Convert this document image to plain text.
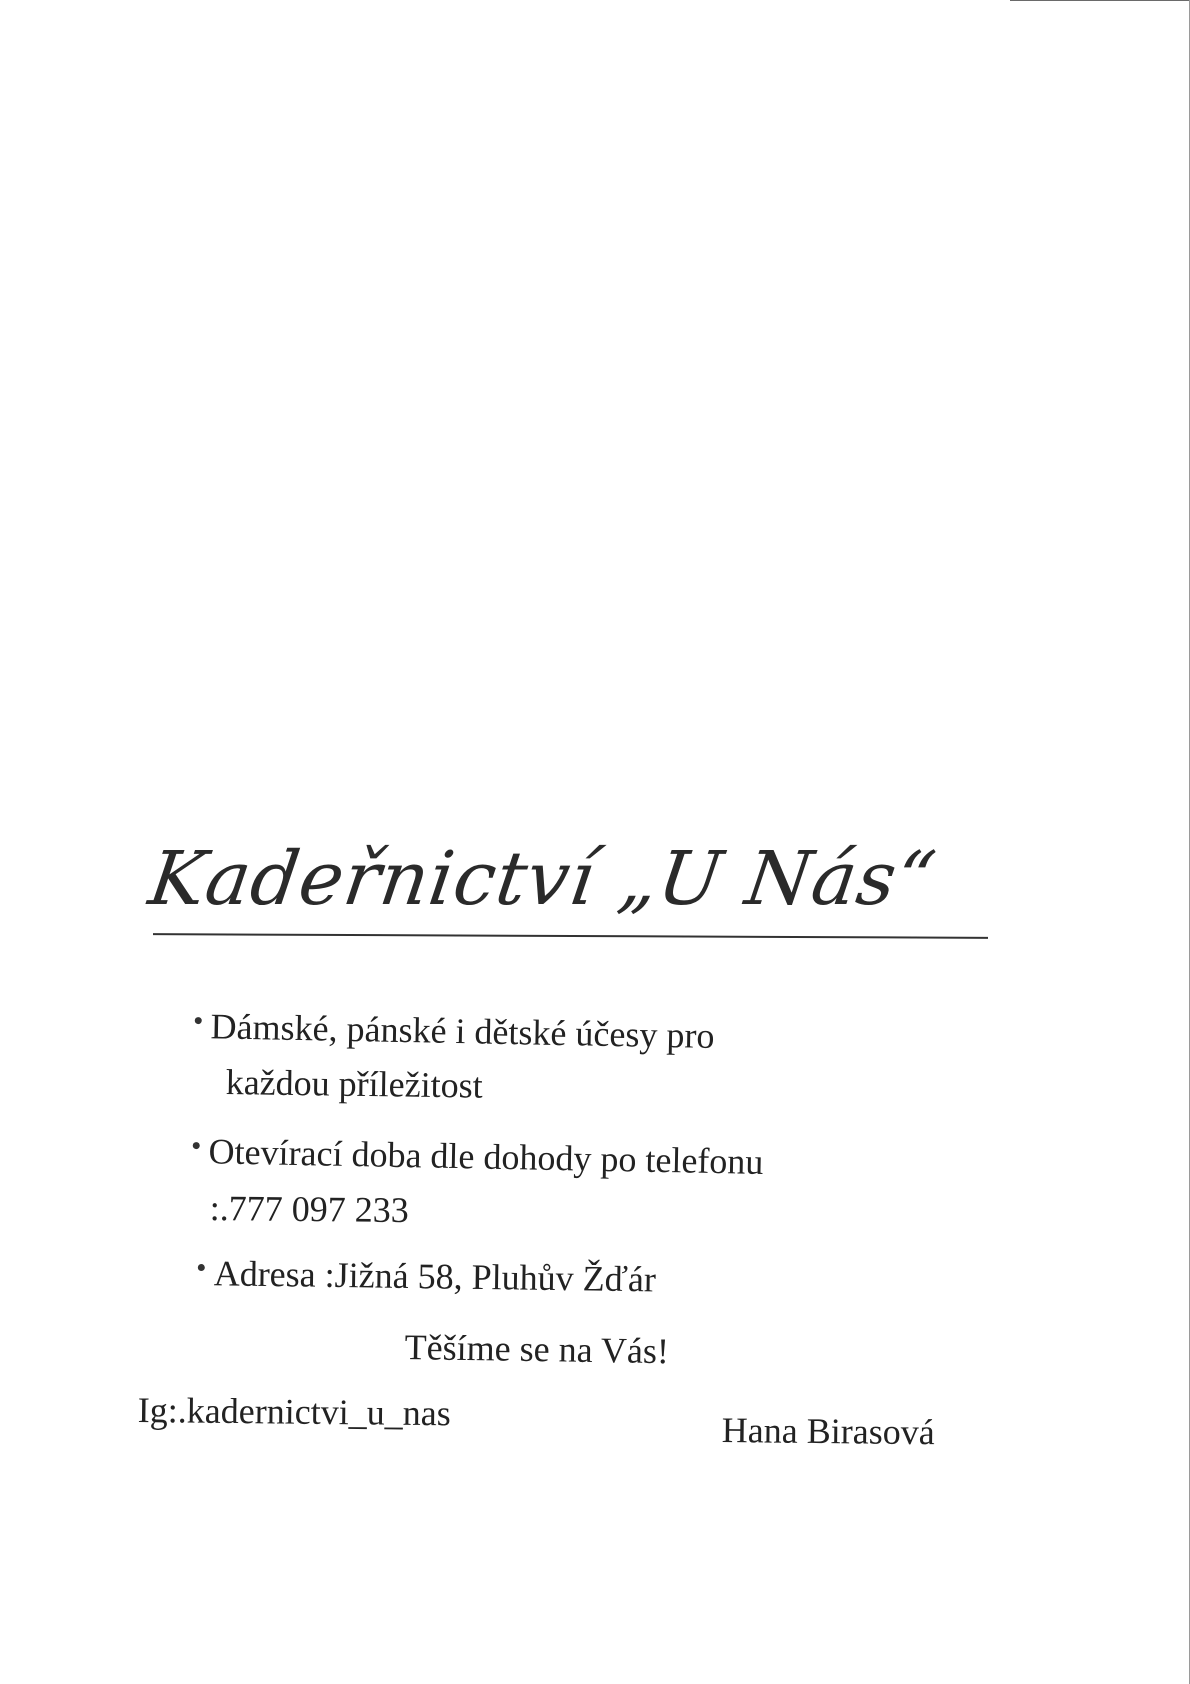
Kadeřnictví „U Nás“
Dámské, pánské i dětské účesy pro
každou příležitost
Otevírací doba dle dohody po telefonu
:.777 097 233
Adresa :Jižná 58, Pluhův Žďár
Těšíme se na Vás!
Ig:.kadernictvi_u_nas	Hana Birasová
